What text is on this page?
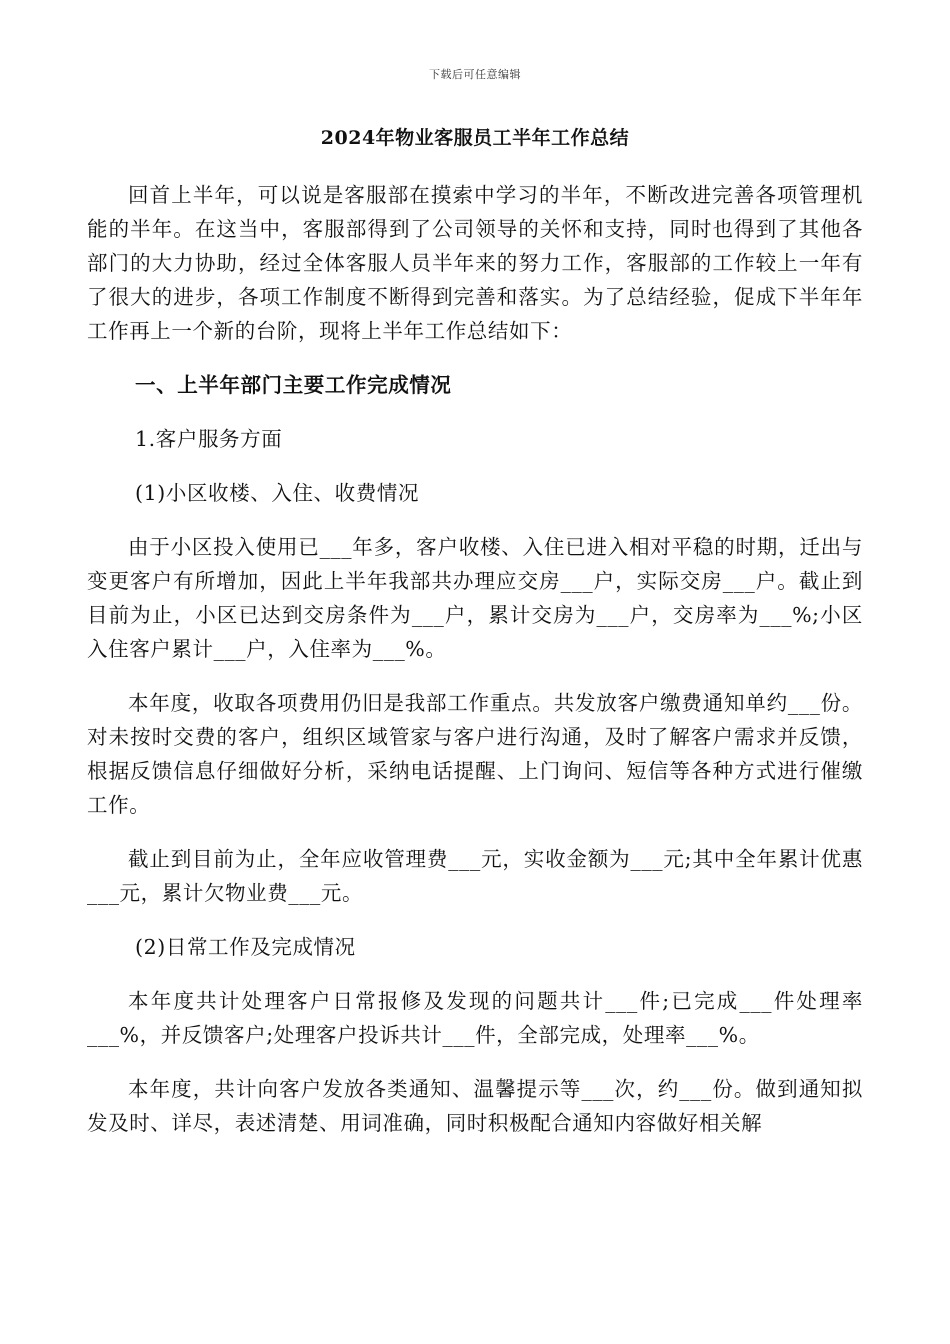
下载后可任意编辑
2024年物业客服员工半年工作总结

回首上半年，可以说是客服部在摸索中学习的半年，不断改进完善各项管理机能的半年。在这当中，客服部得到了公司领导的关怀和支持，同时也得到了其他各部门的大力协助，经过全体客服人员半年来的努力工作，客服部的工作较上一年有了很大的进步，各项工作制度不断得到完善和落实。为了总结经验，促成下半年年工作再上一个新的台阶，现将上半年工作总结如下：

一、上半年部门主要工作完成情况

1.客户服务方面

(1)小区收楼、入住、收费情况

由于小区投入使用已___年多，客户收楼、入住已进入相对平稳的时期，迁出与变更客户有所增加，因此上半年我部共办理应交房___户，实际交房___户。截止到目前为止，小区已达到交房条件为___户，累计交房为___户，交房率为___%;小区入住客户累计___户，入住率为___%。

本年度，收取各项费用仍旧是我部工作重点。共发放客户缴费通知单约___份。对未按时交费的客户，组织区域管家与客户进行沟通，及时了解客户需求并反馈，根据反馈信息仔细做好分析，采纳电话提醒、上门询问、短信等各种方式进行催缴工作。

截止到目前为止，全年应收管理费___元，实收金额为___元;其中全年累计优惠___元，累计欠物业费___元。

(2)日常工作及完成情况

本年度共计处理客户日常报修及发现的问题共计___件;已完成___件处理率___%，并反馈客户;处理客户投诉共计___件，全部完成，处理率___%。

本年度，共计向客户发放各类通知、温馨提示等___次，约___份。做到通知拟发及时、详尽，表述清楚、用词准确，同时积极配合通知内容做好相关解
